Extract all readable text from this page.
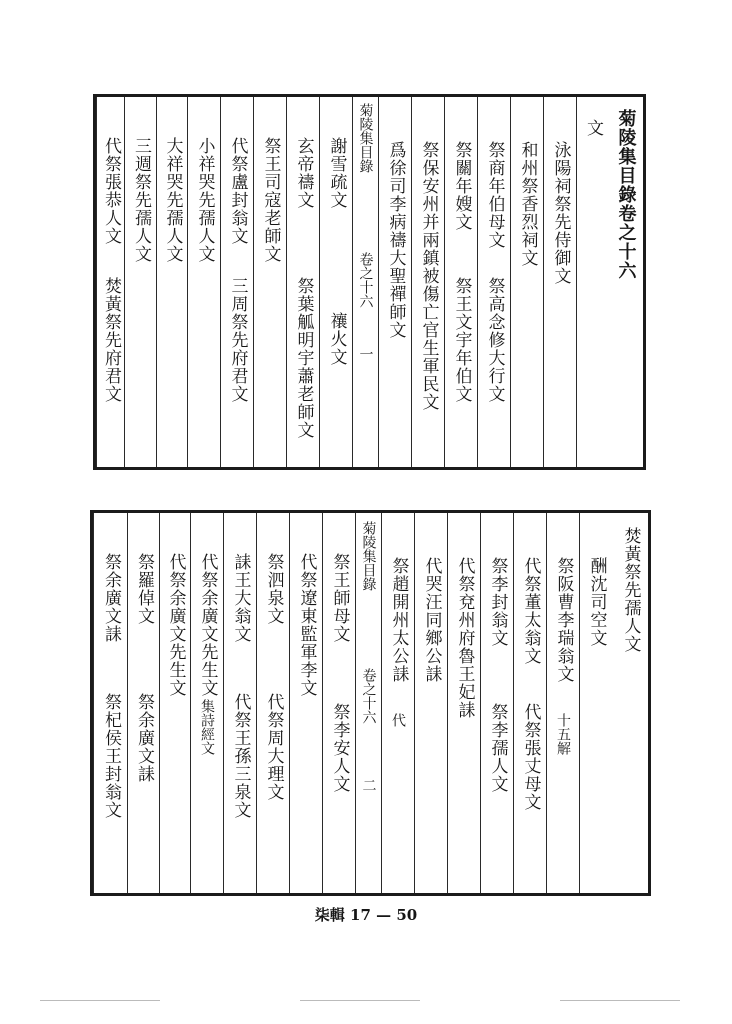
菊陵集目錄卷之十六
文
泳陽祠祭先侍御文
和州祭香烈祠文
祭商年伯母文
祭高念修大行文
祭關年嫂文
祭王文宇年伯文
祭保安州并兩鎮被傷亡官生軍民文
爲徐司李病禱大聖禪師文
菊陵集目錄
卷之十六
一
謝雪疏文
禳火文
玄帝禱文
祭葉觚明宇蕭老師文
祭王司寇老師文
代祭盧封翁文
三周祭先府君文
小祥哭先孺人文
大祥哭先孺人文
三週祭先孺人文
代祭張恭人文
焚黃祭先府君文
焚黃祭先孺人文
酬沈司空文
祭阪曹李瑞翁文
十五解
代祭董太翁文
代祭張丈母文
祭李封翁文
祭李孺人文
代祭兗州府魯王妃誄
代哭汪同鄉公誄
祭趙開州太公誄
代
菊陵集目錄
卷之十六
二
祭王師母文
祭李安人文
代祭遼東監軍李文
祭泗泉文
代祭周大理文
誄王大翁文
代祭王孫三泉文
代祭余廣文先生文
集詩經文
代祭余廣文先生文
祭羅倬文
祭余廣文誄
祭余廣文誄
祭杞侯王封翁文
柒輯 17 — 50
